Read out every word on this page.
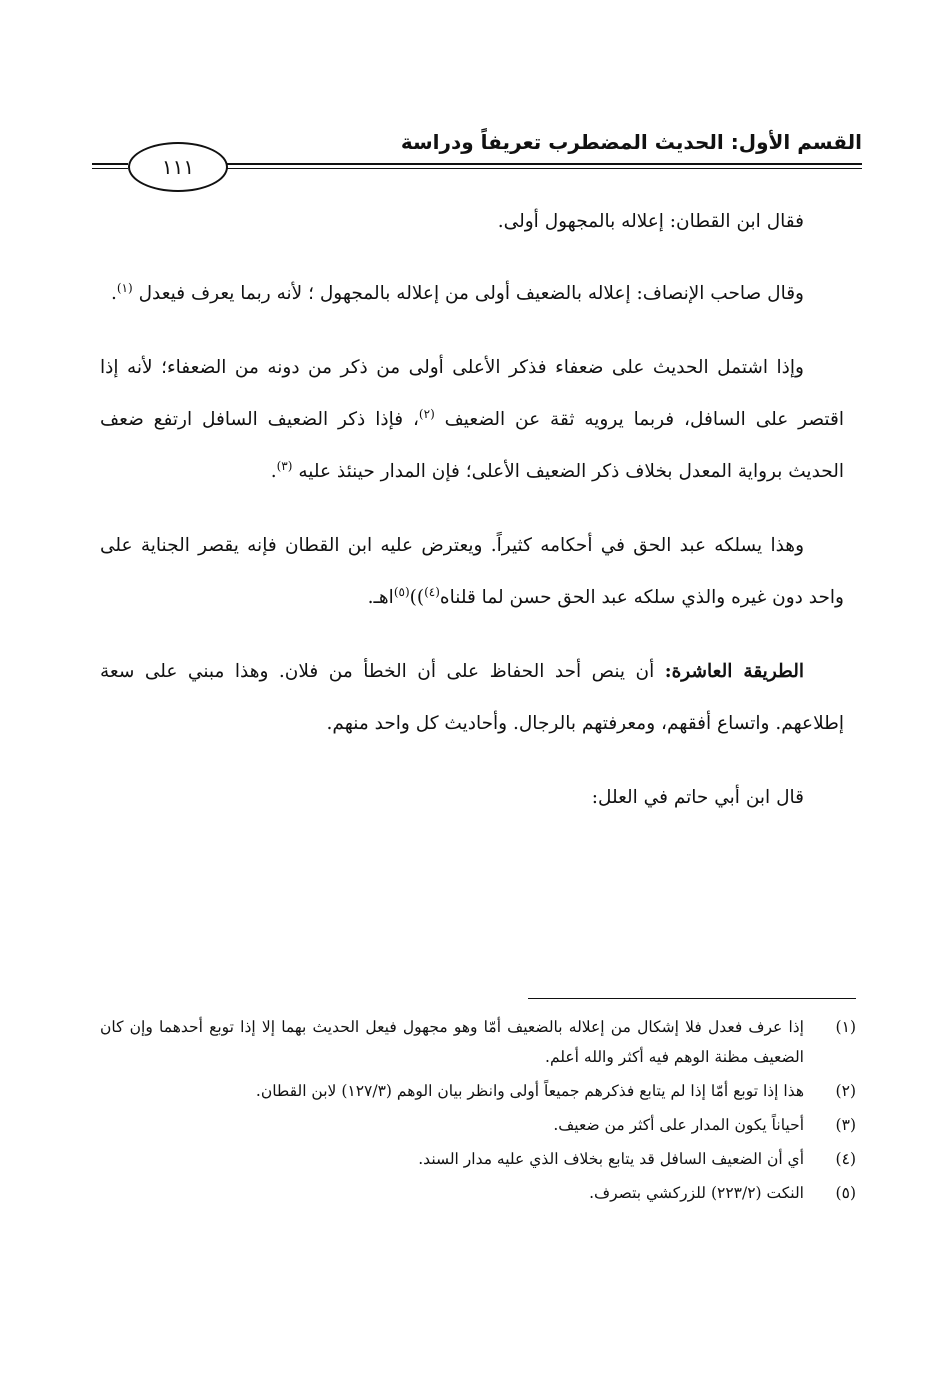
القسم الأول: الحديث المضطرب تعريفاً ودراسة
١١١

فقال ابن القطان: إعلاله بالمجهول أولى.

وقال صاحب الإنصاف: إعلاله بالضعيف أولى من إعلاله بالمجهول ؛ لأنه ربما يعرف فيعدل $^{(١)}$.

وإذا اشتمل الحديث على ضعفاء فذكر الأعلى أولى من ذكر من دونه من الضعفاء؛ لأنه إذا اقتصر على السافل، فربما يرويه ثقة عن الضعيف $^{(٢)}$، فإذا ذكر الضعيف السافل ارتفع ضعف الحديث برواية المعدل بخلاف ذكر الضعيف الأعلى؛ فإن المدار حينئذ عليه $^{(٣)}$.

وهذا يسلكه عبد الحق في أحكامه كثيراً. ويعترض عليه ابن القطان فإنه يقصر الجناية على واحد دون غيره والذي سلكه عبد الحق حسن لما قلناه$^{(٤)}$))$^{(٥)}$اهـ.

الطريقة العاشرة: أن ينص أحد الحفاظ على أن الخطأ من فلان. وهذا مبني على سعة إطلاعهم. واتساع أفقهم، ومعرفتهم بالرجال. وأحاديث كل واحد منهم.

قال ابن أبي حاتم في العلل:

(١)
إذا عرف فعدل فلا إشكال من إعلاله بالضعيف أمّا وهو مجهول فيعل الحديث بهما إلا إذا توبع أحدهما وإن كان الضعيف مظنة الوهم فيه أكثر والله أعلم.
(٢)
هذا إذا توبع أمّا إذا لم يتابع فذكرهم جميعاً أولى وانظر بيان الوهم (١٢٧/٣) لابن القطان.
(٣)
أحياناً يكون المدار على أكثر من ضعيف.
(٤)
أي أن الضعيف السافل قد يتابع بخلاف الذي عليه مدار السند.
(٥)
النكت (٢٢٣/٢) للزركشي بتصرف.
